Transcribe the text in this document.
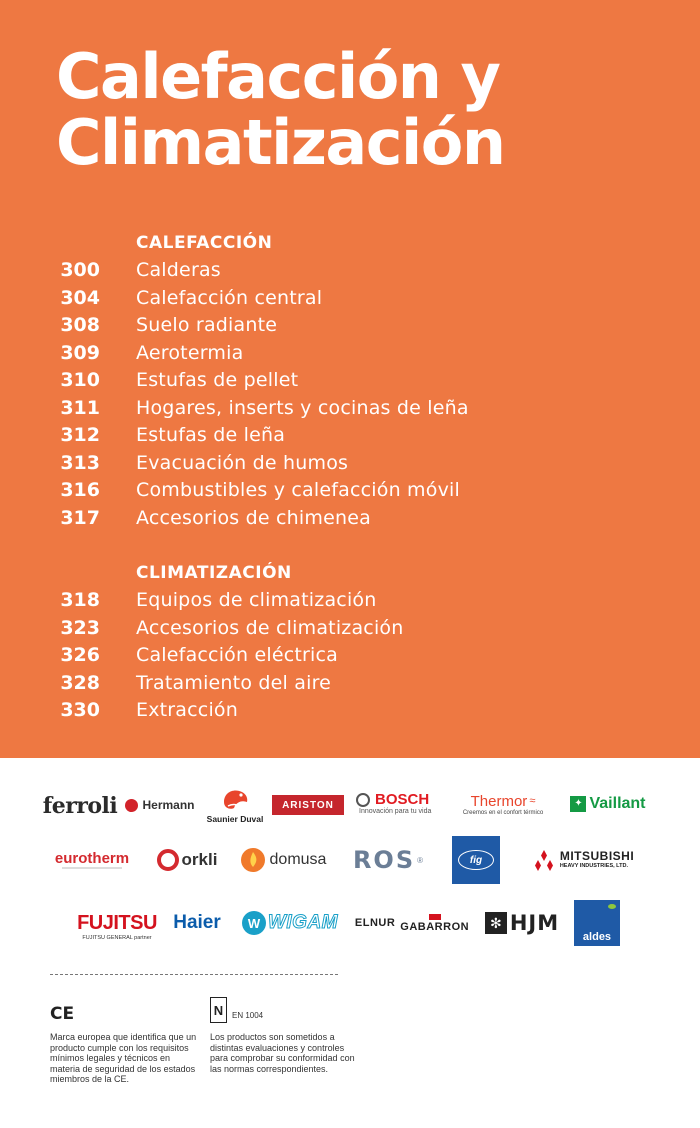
Calefacción y
Climatización
CALEFACCIÓN
300 Calderas
304 Calefacción central
308 Suelo radiante
309 Aerotermia
310 Estufas de pellet
311 Hogares, inserts y cocinas de leña
312 Estufas de leña
313 Evacuación de humos
316 Combustibles y calefacción móvil
317 Accesorios de chimenea
CLIMATIZACIÓN
318 Equipos de climatización
323 Accesorios de climatización
326 Calefacción eléctrica
328 Tratamiento del aire
330 Extracción
ferroli Hermann
Saunier Duval
ARISTON	BOSCH
Innovación para tu vida
Thermor ≈
Creemos en el confort térmico
✦ Vaillant
eurotherm	orkli	domusa ROS ®	fig	MITSUBISHI
HEAVY INDUSTRIES, LTD.
FUJITSU
FUJITSU GENERAL partner
Haier	W WIGAM ELNUR GABARRON	✻ HJM
aldes
CE

Marca europea que identifica que un producto cumple con los requisitos mínimos legales y técnicos en materia de seguridad de los estados miembros de la CE.

N EN 1004

Los productos son sometidos a distintas evaluaciones y controles para comprobar su conformidad con las normas correspondientes.
